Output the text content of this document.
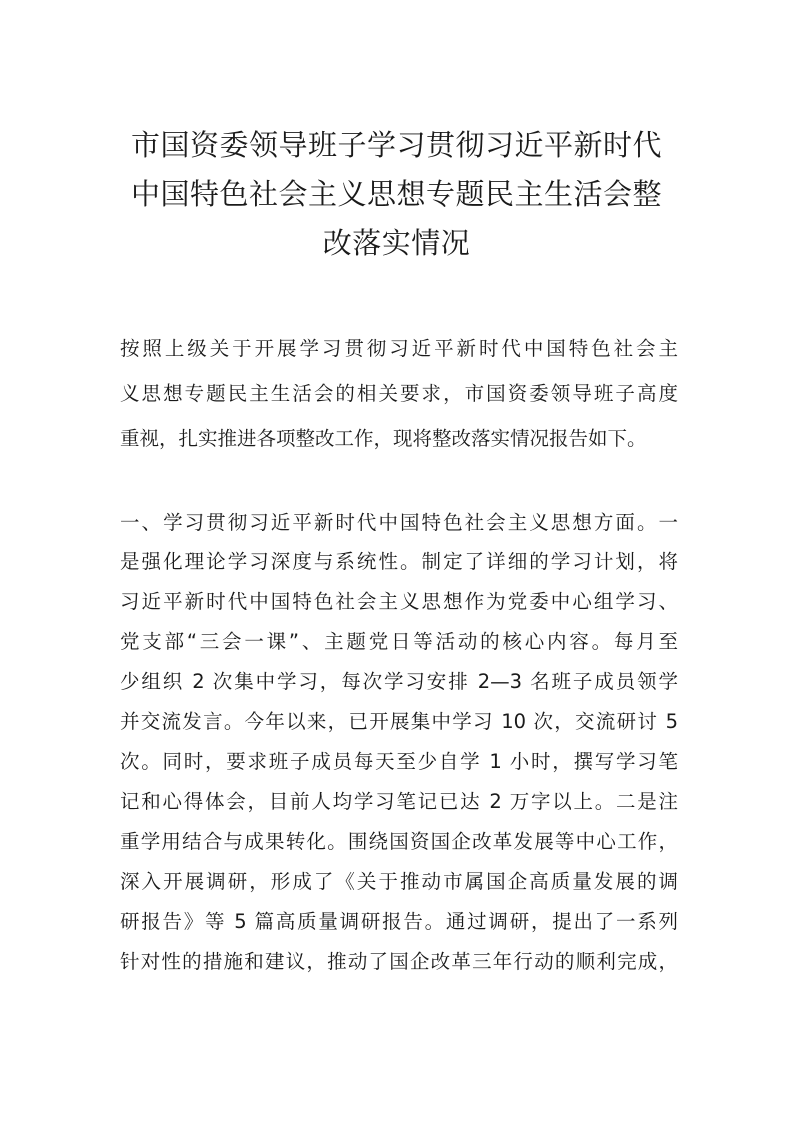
市国资委领导班子学习贯彻习近平新时代
中国特色社会主义思想专题民主生活会整
改落实情况
按照上级关于开展学习贯彻习近平新时代中国特色社会主
义思想专题民主生活会的相关要求，市国资委领导班子高度
重视，扎实推进各项整改工作，现将整改落实情况报告如下。
一、学习贯彻习近平新时代中国特色社会主义思想方面。一
是强化理论学习深度与系统性。制定了详细的学习计划，将
习近平新时代中国特色社会主义思想作为党委中心组学习、
党支部“三会一课”、主题党日等活动的核心内容。每月至
少组织 2 次集中学习，每次学习安排 2—3 名班子成员领学
并交流发言。今年以来，已开展集中学习 10 次，交流研讨 5
次。同时，要求班子成员每天至少自学 1 小时，撰写学习笔
记和心得体会，目前人均学习笔记已达 2 万字以上。二是注
重学用结合与成果转化。围绕国资国企改革发展等中心工作，
深入开展调研，形成了《关于推动市属国企高质量发展的调
研报告》等 5 篇高质量调研报告。通过调研，提出了一系列
针对性的措施和建议，推动了国企改革三年行动的顺利完成，
